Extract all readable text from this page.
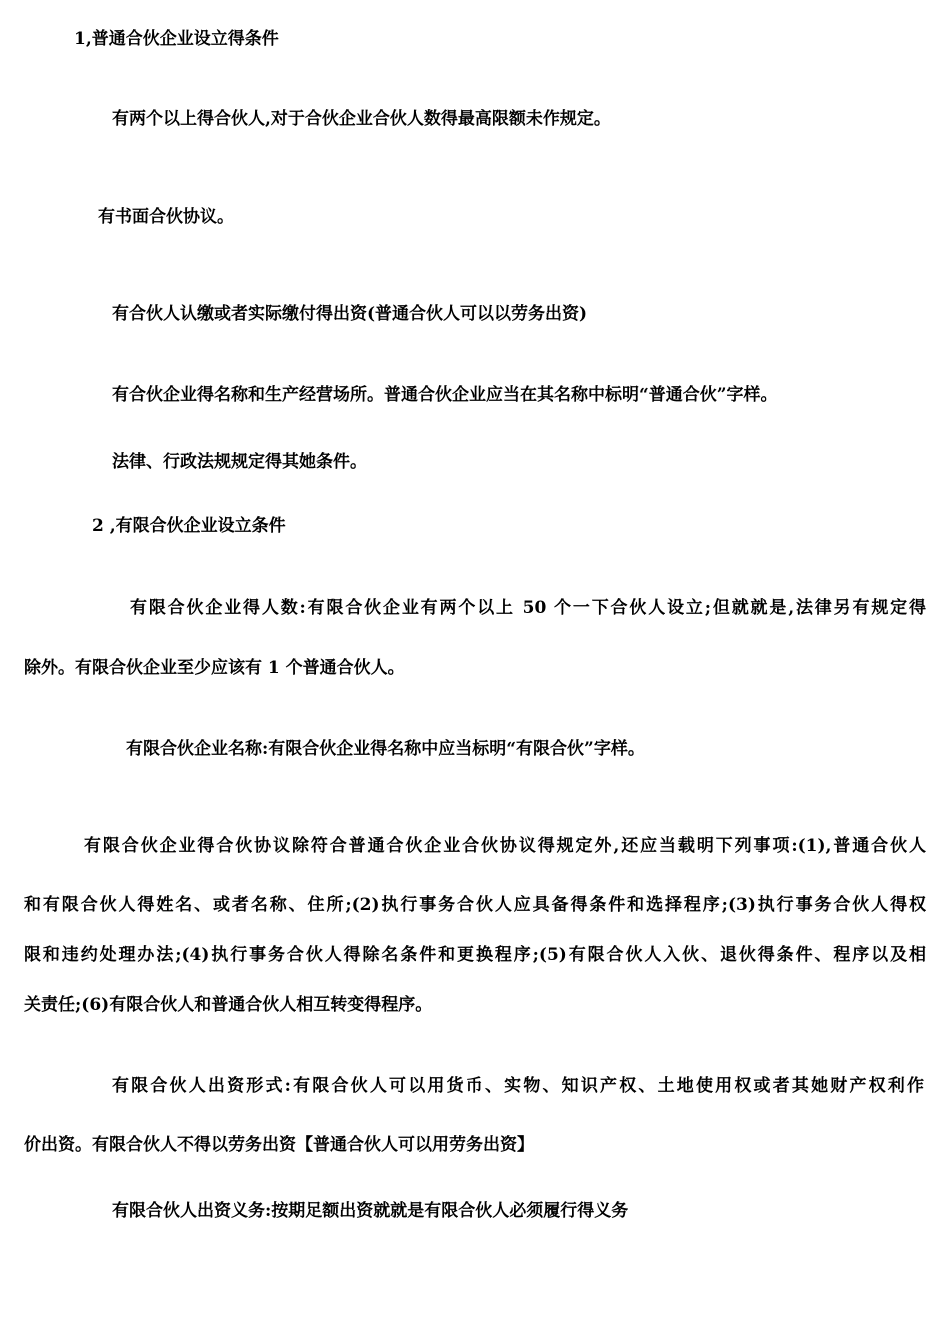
1,普通合伙企业设立得条件

有两个以上得合伙人,对于合伙企业合伙人数得最高限额未作规定。

有书面合伙协议。

有合伙人认缴或者实际缴付得出资(普通合伙人可以以劳务出资)

有合伙企业得名称和生产经营场所。普通合伙企业应当在其名称中标明“普通合伙”字样。

法律、行政法规规定得其她条件。

2 ,有限合伙企业设立条件

有限合伙企业得人数:有限合伙企业有两个以上 50 个一下合伙人设立;但就就是,法律另有规定得

除外。有限合伙企业至少应该有 1 个普通合伙人。

有限合伙企业名称:有限合伙企业得名称中应当标明“有限合伙”字样。

有限合伙企业得合伙协议除符合普通合伙企业合伙协议得规定外,还应当载明下列事项:(1),普通合伙人

和有限合伙人得姓名、或者名称、住所;(2)执行事务合伙人应具备得条件和选择程序;(3)执行事务合伙人得权

限和违约处理办法;(4)执行事务合伙人得除名条件和更换程序;(5)有限合伙人入伙、退伙得条件、程序以及相

关责任;(6)有限合伙人和普通合伙人相互转变得程序。

有限合伙人出资形式:有限合伙人可以用货币、实物、知识产权、土地使用权或者其她财产权利作

价出资。有限合伙人不得以劳务出资【普通合伙人可以用劳务出资】

有限合伙人出资义务:按期足额出资就就是有限合伙人必须履行得义务
